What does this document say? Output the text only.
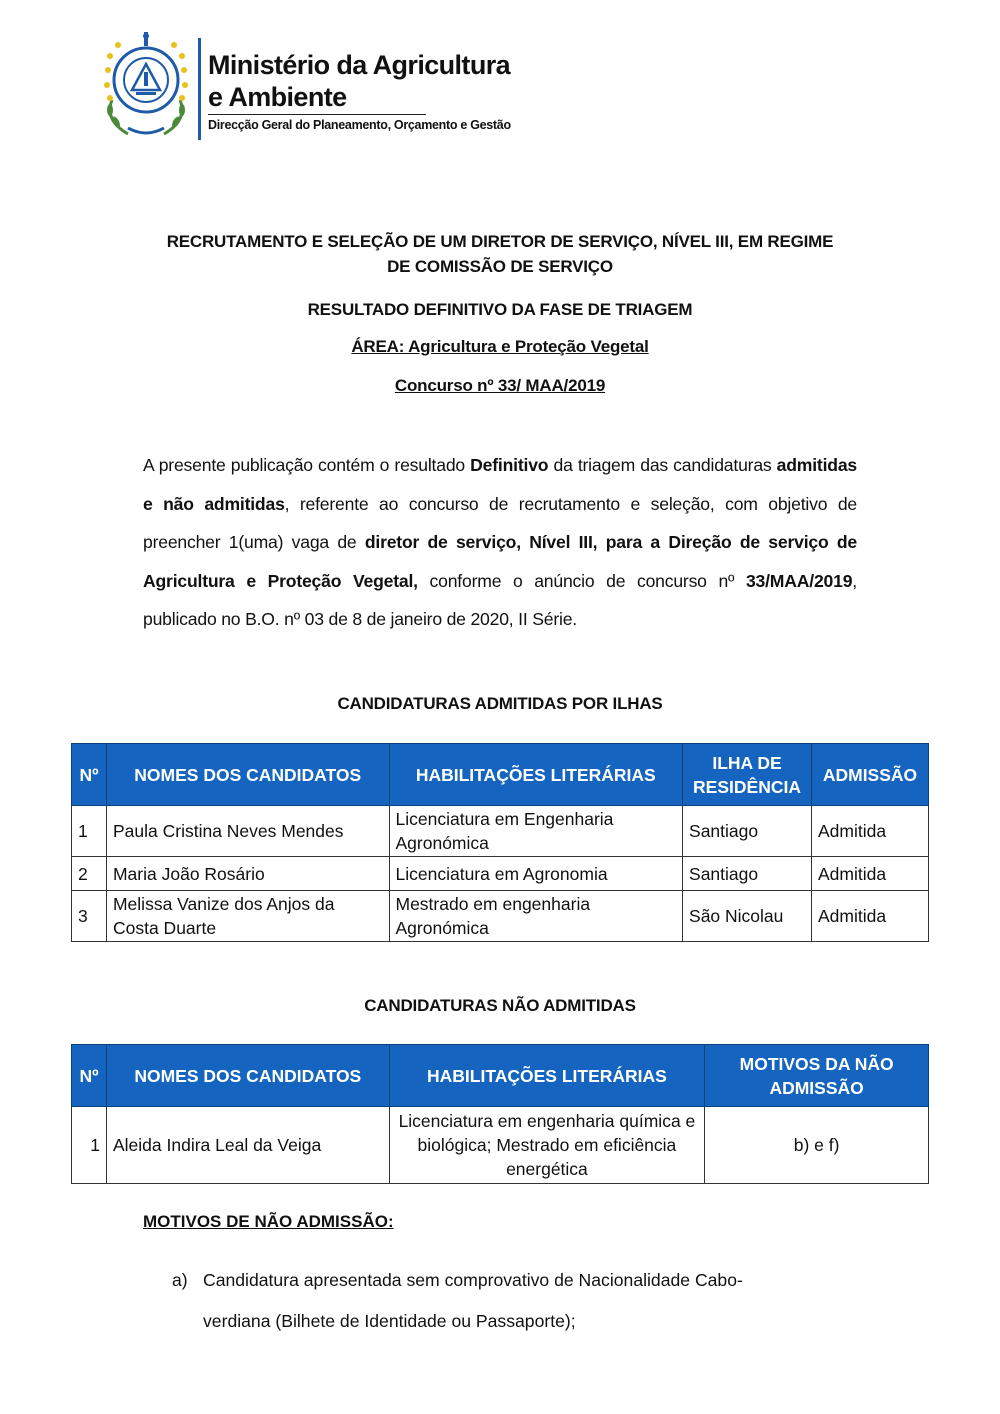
Ministério da Agricultura
e Ambiente
Direcção Geral do Planeamento, Orçamento e Gestão
RECRUTAMENTO E SELEÇÃO DE UM DIRETOR DE SERVIÇO, NÍVEL III, EM REGIME
DE COMISSÃO DE SERVIÇO
RESULTADO DEFINITIVO DA FASE DE TRIAGEM
ÁREA: Agricultura e Proteção Vegetal
Concurso nº 33/ MAA/2019
A presente publicação contém o resultado Definitivo da triagem das candidaturas admitidas e não admitidas, referente ao concurso de recrutamento e seleção, com objetivo de preencher 1(uma) vaga de diretor de serviço, Nível III, para a Direção de serviço de Agricultura e Proteção Vegetal, conforme o anúncio de concurso nº 33/MAA/2019, publicado no B.O. nº 03 de 8 de janeiro de 2020, II Série.
CANDIDATURAS ADMITIDAS POR ILHAS
Nº	NOMES DOS CANDIDATOS	HABILITAÇÕES LITERÁRIAS	ILHA DE RESIDÊNCIA	ADMISSÃO
1	Paula Cristina Neves Mendes	Licenciatura em Engenharia Agronómica	Santiago	Admitida
2	Maria João Rosário	Licenciatura em Agronomia	Santiago	Admitida
3	Melissa Vanize dos Anjos da Costa Duarte	Mestrado em engenharia Agronómica	São Nicolau	Admitida
CANDIDATURAS NÃO ADMITIDAS
Nº	NOMES DOS CANDIDATOS	HABILITAÇÕES LITERÁRIAS	MOTIVOS DA NÃO ADMISSÃO
1	Aleida Indira Leal da Veiga	Licenciatura em engenharia química e biológica; Mestrado em eficiência energética	b) e f)
MOTIVOS DE NÃO ADMISSÃO:
a) Candidatura apresentada sem comprovativo de Nacionalidade Cabo-verdiana (Bilhete de Identidade ou Passaporte);
